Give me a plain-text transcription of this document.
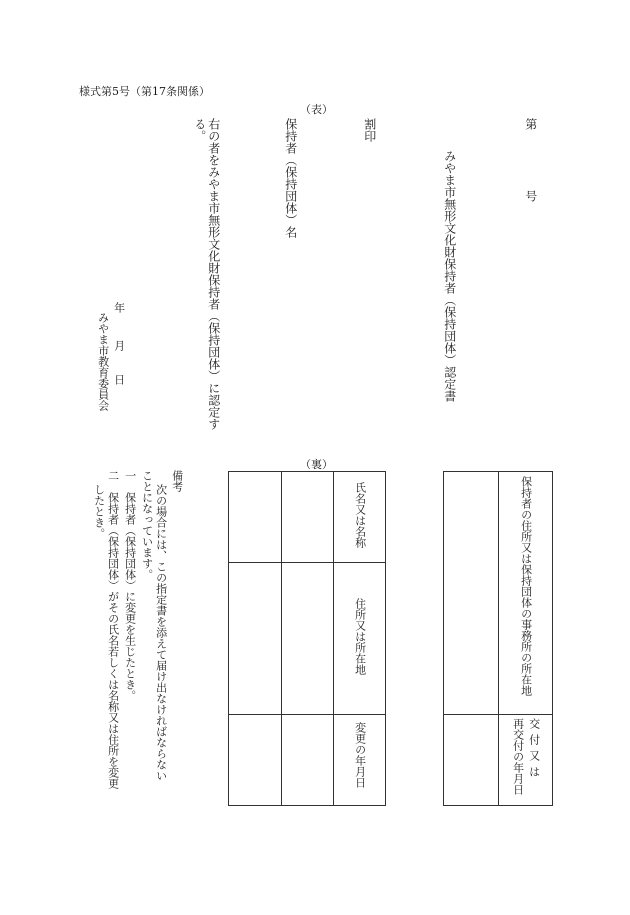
様式第5号（第17条関係）
（表）
第
号
みやま市無形文化財保持者（保持団体）認定書
割印
保持者（保持団体）名
右の者をみやま市無形文化財保持者（保持団体）に認定す
る。
年
月
日
みやま市教育委員会
（裏）
保持者の住所又は保持団体の事務所の所在地
交付又は
再交付の年月日
氏名又は名称
住所又は所在地
変更の年月日
備考
次の場合には、この指定書を添えて届け出なければならない
ことになっています。
一　保持者（保持団体）に変更を生じたとき。
二　保持者（保持団体）がその氏名若しくは名称又は住所を変更
したとき。
